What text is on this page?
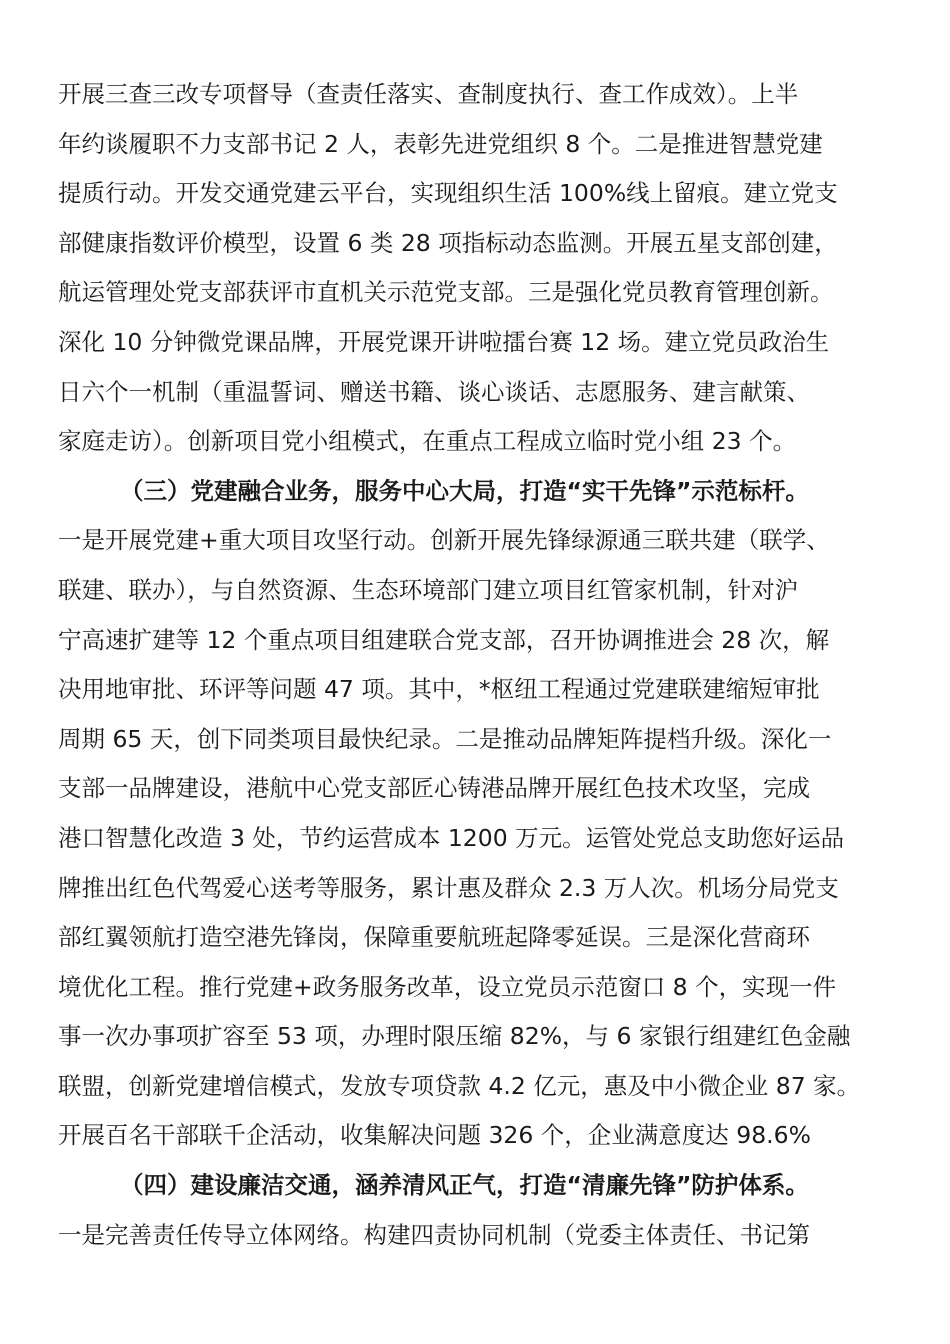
开展三查三改专项督导（查责任落实、查制度执行、查工作成效）。上半
年约谈履职不力支部书记 2 人，表彰先进党组织 8 个。二是推进智慧党建
提质行动。开发交通党建云平台，实现组织生活 100%线上留痕。建立党支
部健康指数评价模型，设置 6 类 28 项指标动态监测。开展五星支部创建，
航运管理处党支部获评市直机关示范党支部。三是强化党员教育管理创新。
深化 10 分钟微党课品牌，开展党课开讲啦擂台赛 12 场。建立党员政治生
日六个一机制（重温誓词、赠送书籍、谈心谈话、志愿服务、建言献策、
家庭走访）。创新项目党小组模式，在重点工程成立临时党小组 23 个。
（三）党建融合业务，服务中心大局，打造“实干先锋”示范标杆。
一是开展党建+重大项目攻坚行动。创新开展先锋绿源通三联共建（联学、
联建、联办），与自然资源、生态环境部门建立项目红管家机制，针对沪
宁高速扩建等 12 个重点项目组建联合党支部，召开协调推进会 28 次，解
决用地审批、环评等问题 47 项。其中，*枢纽工程通过党建联建缩短审批
周期 65 天，创下同类项目最快纪录。二是推动品牌矩阵提档升级。深化一
支部一品牌建设，港航中心党支部匠心铸港品牌开展红色技术攻坚，完成
港口智慧化改造 3 处，节约运营成本 1200 万元。运管处党总支助您好运品
牌推出红色代驾爱心送考等服务，累计惠及群众 2.3 万人次。机场分局党支
部红翼领航打造空港先锋岗，保障重要航班起降零延误。三是深化营商环
境优化工程。推行党建+政务服务改革，设立党员示范窗口 8 个，实现一件
事一次办事项扩容至 53 项，办理时限压缩 82%，与 6 家银行组建红色金融
联盟，创新党建增信模式，发放专项贷款 4.2 亿元，惠及中小微企业 87 家。
开展百名干部联千企活动，收集解决问题 326 个，企业满意度达 98.6%
（四）建设廉洁交通，涵养清风正气，打造“清廉先锋”防护体系。
一是完善责任传导立体网络。构建四责协同机制（党委主体责任、书记第
